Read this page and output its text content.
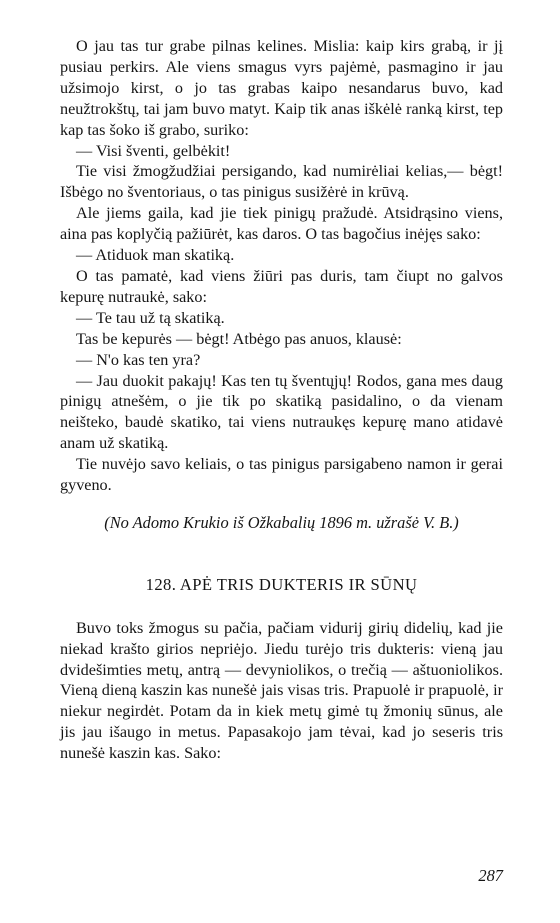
O jau tas tur grabe pilnas kelines. Mislia: kaip kirs grabą, ir jį pusiau perkirs. Ale viens smagus vyrs pajėmė, pasmagino ir jau užsimojo kirst, o jo tas grabas kaipo nesandarus buvo, kad neužtrokštų, tai jam buvo matyt. Kaip tik anas iškėlė ranką kirst, tep kap tas šoko iš grabo, suriko:

— Visi šventi, gelbėkit!

Tie visi žmogžudžiai persigando, kad numirėliai kelias,— bėgt! Išbėgo no šventoriaus, o tas pinigus susižėrė in krūvą.

Ale jiems gaila, kad jie tiek pinigų pražudė. Atsidrąsino viens, aina pas koplyčią pažiūrėt, kas daros. O tas bagočius inėjęs sako:

— Atiduok man skatiką.

O tas pamatė, kad viens žiūri pas duris, tam čiupt no galvos kepurę nutraukė, sako:

— Te tau už tą skatiką.

Tas be kepurės — bėgt! Atbėgo pas anuos, klausė:

— N'o kas ten yra?

— Jau duokit pakajų! Kas ten tų šventųjų! Rodos, gana mes daug pinigų atnešėm, o jie tik po skatiką pasidalino, o da vienam neišteko, baudė skatiko, tai viens nutraukęs kepurę mano atidavė anam už skatiką.

Tie nuvėjo savo keliais, o tas pinigus parsigabeno namon ir gerai gyveno.

(No Adomo Krukio iš Ožkabalių 1896 m. užrašė V. B.)

128. APĖ TRIS DUKTERIS IR SŪNŲ

Buvo toks žmogus su pačia, pačiam vidurij girių didelių, kad jie niekad krašto girios nepriėjo. Jiedu turėjo tris dukteris: vieną jau dvidešimties metų, antrą — devyniolikos, o trečią — aštuoniolikos. Vieną dieną kaszin kas nunešė jais visas tris. Prapuolė ir prapuolė, ir niekur negirdėt. Potam da in kiek metų gimė tų žmonių sūnus, ale jis jau išaugo in metus. Papasakojo jam tėvai, kad jo seseris tris nunešė kaszin kas. Sako:

287
